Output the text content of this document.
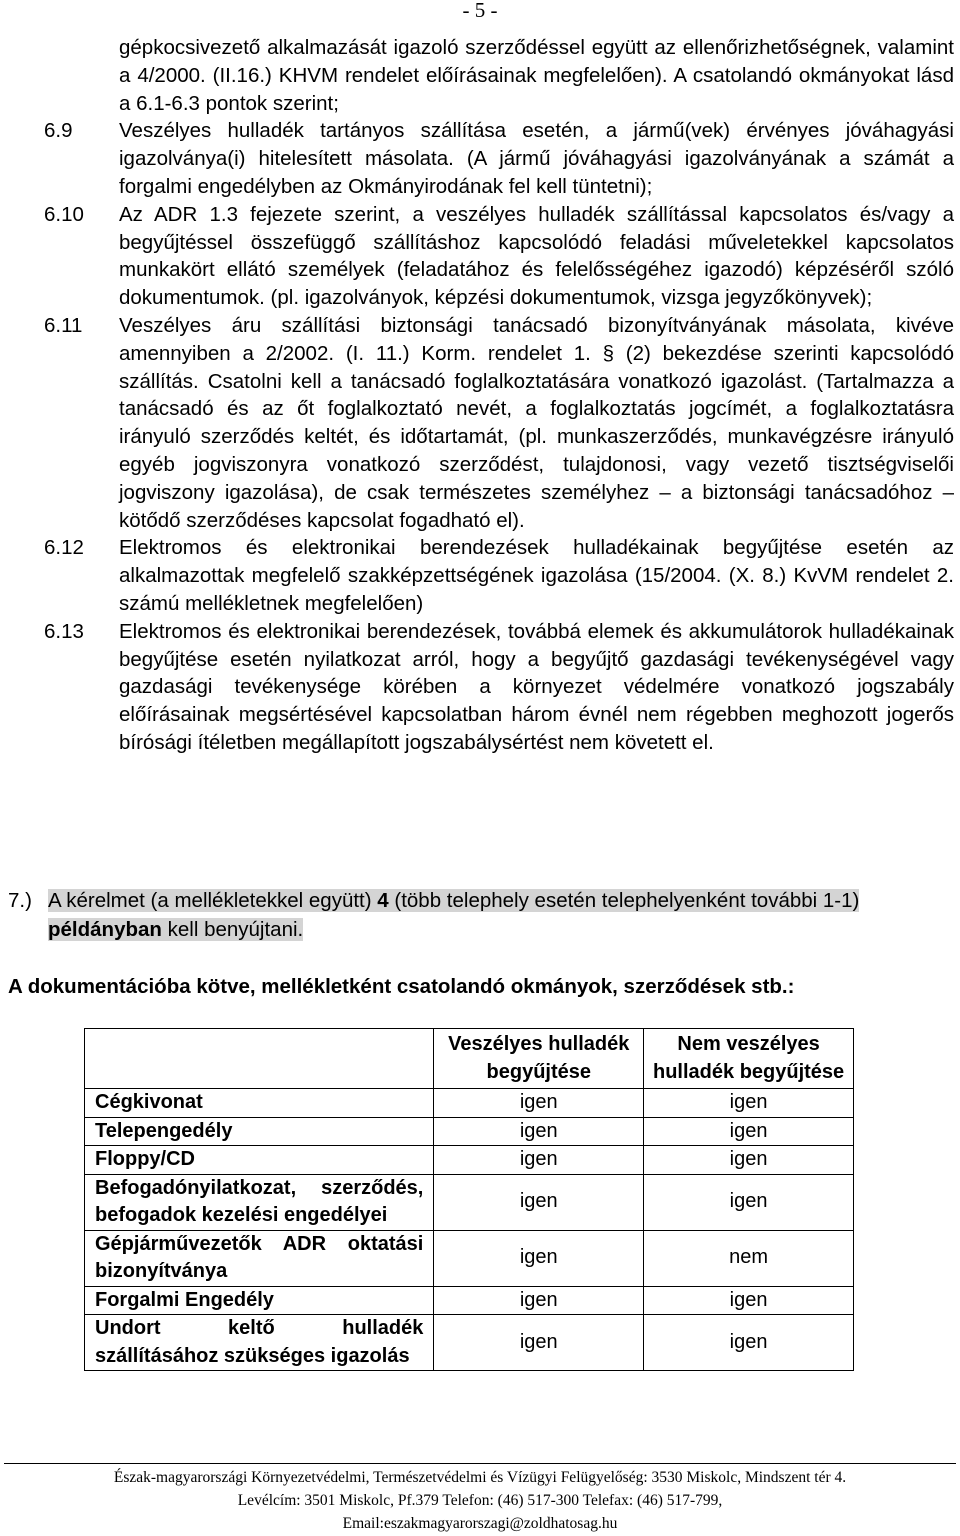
- 5 -
gépkocsivezető alkalmazását igazoló szerződéssel együtt az ellenőrizhetőségnek, valamint a 4/2000. (II.16.) KHVM rendelet előírásainak megfelelően). A csatolandó okmányokat lásd a 6.1-6.3 pontok szerint;
6.9	Veszélyes hulladék tartányos szállítása esetén, a jármű(vek) érvényes jóváhagyási igazolványa(i) hitelesített másolata. (A jármű jóváhagyási igazolványának a számát a forgalmi engedélyben az Okmányirodának fel kell tüntetni);
6.10	Az ADR 1.3 fejezete szerint, a veszélyes hulladék szállítással kapcsolatos és/vagy a begyűjtéssel összefüggő szállításhoz kapcsolódó feladási műveletekkel kapcsolatos munkakört ellátó személyek (feladatához és felelősségéhez igazodó) képzéséről szóló dokumentumok. (pl. igazolványok, képzési dokumentumok, vizsga jegyzőkönyvek);
6.11	Veszélyes áru szállítási biztonsági tanácsadó bizonyítványának másolata, kivéve amennyiben a 2/2002. (I. 11.) Korm. rendelet 1. § (2) bekezdése szerinti kapcsolódó szállítás. Csatolni kell a tanácsadó foglalkoztatására vonatkozó igazolást. (Tartalmazza a tanácsadó és az őt foglalkoztató nevét, a foglalkoztatás jogcímét, a foglalkoztatásra irányuló szerződés keltét, és időtartamát, (pl. munkaszerződés, munkavégzésre irányuló egyéb jogviszonyra vonatkozó szerződést, tulajdonosi, vagy vezető tisztségviselői jogviszony igazolása), de csak természetes személyhez – a biztonsági tanácsadóhoz – kötődő szerződéses kapcsolat fogadható el).
6.12	Elektromos és elektronikai berendezések hulladékainak begyűjtése esetén az alkalmazottak megfelelő szakképzettségének igazolása (15/2004. (X. 8.) KvVM rendelet 2. számú mellékletnek megfelelően)
6.13	Elektromos és elektronikai berendezések, továbbá elemek és akkumulátorok hulladékainak begyűjtése esetén nyilatkozat arról, hogy a begyűjtő gazdasági tevékenységével vagy gazdasági tevékenysége körében a környezet védelmére vonatkozó jogszabály előírásainak megsértésével kapcsolatban három évnél nem régebben meghozott jogerős bírósági ítéletben megállapított jogszabálysértést nem követett el.
7.) A kérelmet (a mellékletekkel együtt) 4 (több telephely esetén telephelyenként további 1-1) példányban kell benyújtani.
A dokumentációba kötve, mellékletként csatolandó okmányok, szerződések stb.:
	Veszélyes hulladék begyűjtése	Nem veszélyes hulladék begyűjtése
Cégkivonat	igen	igen
Telepengedély	igen	igen
Floppy/CD	igen	igen
Befogadónyilatkozat, szerződés, befogadok kezelési engedélyei	igen	igen
Gépjárművezetők ADR oktatási bizonyítványa	igen	nem
Forgalmi Engedély	igen	igen
Undort keltő hulladék szállításához szükséges igazolás	igen	igen
Észak-magyarországi Környezetvédelmi, Természetvédelmi és Vízügyi Felügyelőség: 3530 Miskolc, Mindszent tér 4.
Levélcím: 3501 Miskolc, Pf.379 Telefon: (46) 517-300 Telefax: (46) 517-799,
Email:eszakmagyarorszagi@zoldhatosag.hu
